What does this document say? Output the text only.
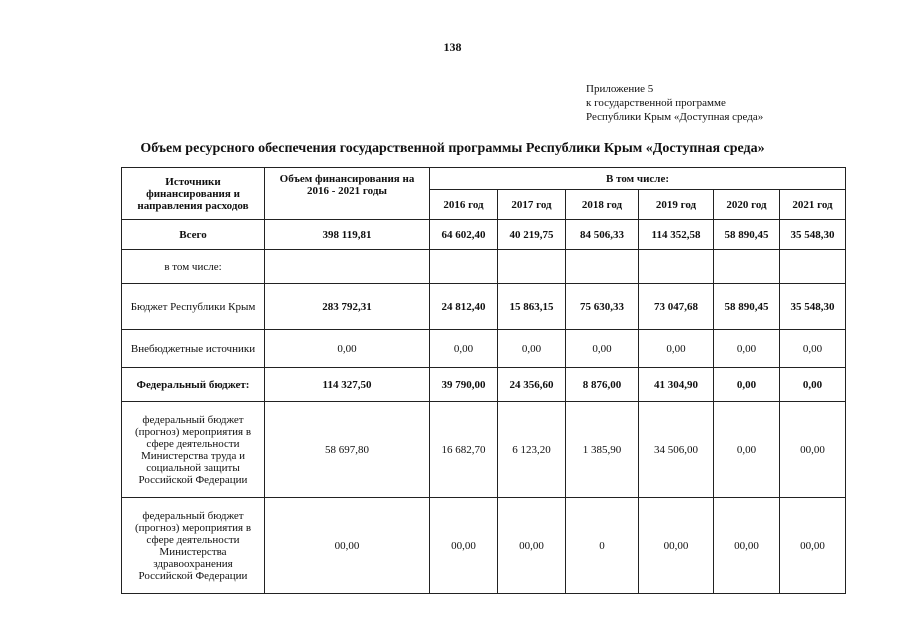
138
Приложение 5
к государственной программе
Республики Крым «Доступная среда»
Объем ресурсного обеспечения государственной программы Республики Крым «Доступная среда»
Источники финансирования и направления расходов	Объем финансирования на 2016 - 2021 годы	В том числе:					
		2016 год	2017 год	2018 год	2019 год	2020 год	2021 год
Всего	398 119,81	64 602,40	40 219,75	84 506,33	114 352,58	58 890,45	35 548,30
в том числе:							
Бюджет Республики Крым	283 792,31	24 812,40	15 863,15	75 630,33	73 047,68	58 890,45	35 548,30
Внебюджетные источники	0,00	0,00	0,00	0,00	0,00	0,00	0,00
Федеральный бюджет:	114 327,50	39 790,00	24 356,60	8 876,00	41 304,90	0,00	0,00
федеральный бюджет (прогноз) мероприятия в сфере деятельности Министерства труда и социальной защиты Российской Федерации	58 697,80	16 682,70	6 123,20	1 385,90	34 506,00	0,00	00,00
федеральный бюджет (прогноз) мероприятия в сфере деятельности Министерства здравоохранения Российской Федерации	00,00	00,00	00,00	0	00,00	00,00	00,00
